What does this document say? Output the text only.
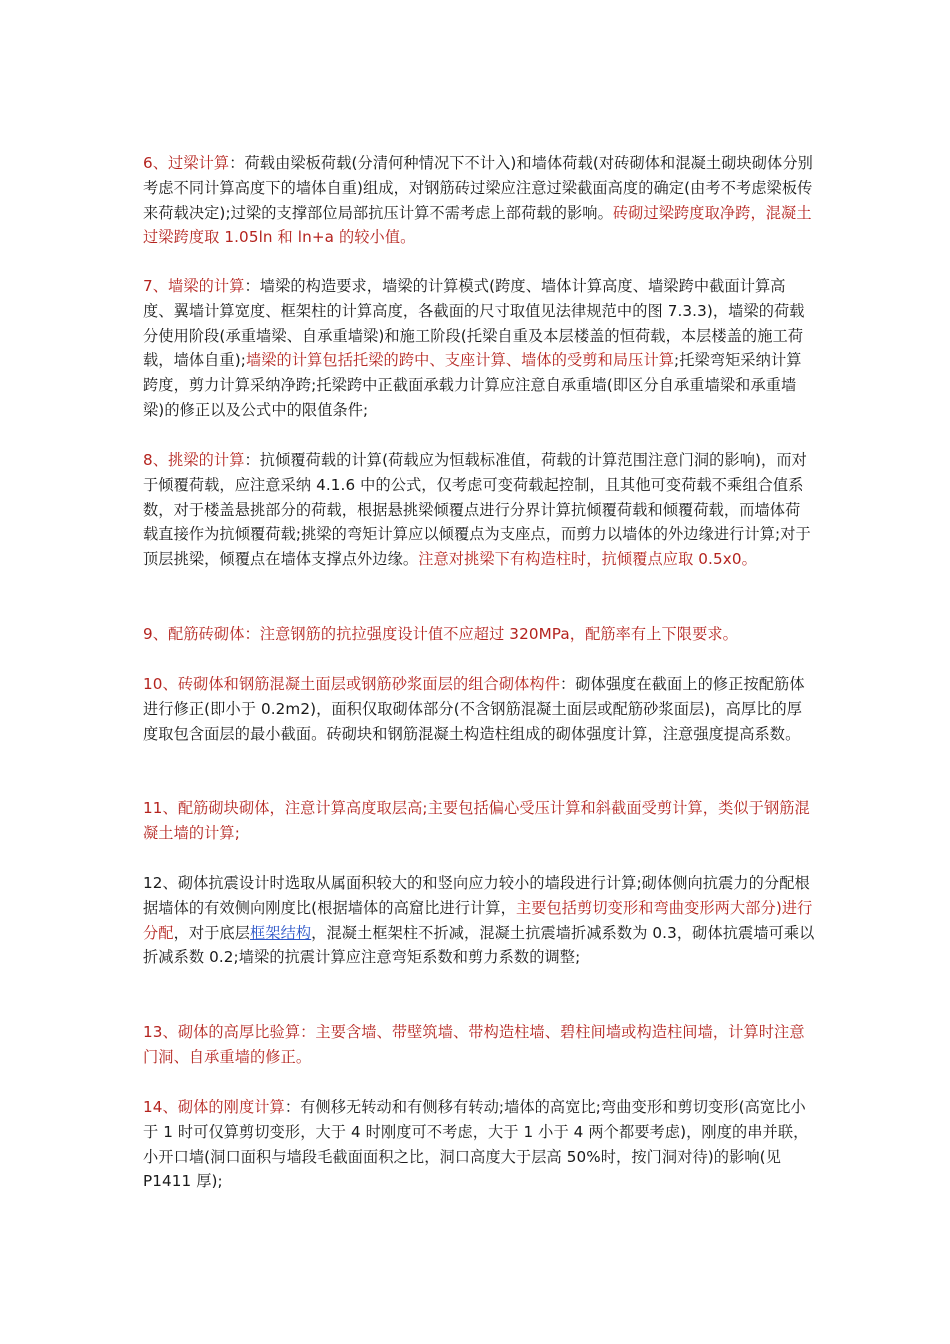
6、过梁计算：荷载由梁板荷载(分清何种情况下不计入)和墙体荷载(对砖砌体和混凝土砌块砌体分别考虑不同计算高度下的墙体自重)组成，对钢筋砖过梁应注意过梁截面高度的确定(由考不考虑梁板传来荷载决定);过梁的支撑部位局部抗压计算不需考虑上部荷载的影响。砖砌过梁跨度取净跨，混凝土过梁跨度取 1.05ln 和 ln+a 的较小值。

7、墙梁的计算：墙梁的构造要求，墙梁的计算模式(跨度、墙体计算高度、墙梁跨中截面计算高度、翼墙计算宽度、框架柱的计算高度，各截面的尺寸取值见法律规范中的图 7.3.3)，墙梁的荷载分使用阶段(承重墙梁、自承重墙梁)和施工阶段(托梁自重及本层楼盖的恒荷载，本层楼盖的施工荷载，墙体自重);墙梁的计算包括托梁的跨中、支座计算、墙体的受剪和局压计算;托梁弯矩采纳计算跨度，剪力计算采纳净跨;托梁跨中正截面承载力计算应注意自承重墙(即区分自承重墙梁和承重墙梁)的修正以及公式中的限值条件;

8、挑梁的计算：抗倾覆荷载的计算(荷载应为恒载标准值，荷载的计算范围注意门洞的影响)，而对于倾覆荷载，应注意采纳 4.1.6 中的公式，仅考虑可变荷载起控制，且其他可变荷载不乘组合值系数，对于楼盖悬挑部分的荷载，根据悬挑梁倾覆点进行分界计算抗倾覆荷载和倾覆荷载，而墙体荷载直接作为抗倾覆荷载;挑梁的弯矩计算应以倾覆点为支座点，而剪力以墙体的外边缘进行计算;对于顶层挑梁，倾覆点在墙体支撑点外边缘。注意对挑梁下有构造柱时，抗倾覆点应取 0.5x0。

9、配筋砖砌体：注意钢筋的抗拉强度设计值不应超过 320MPa，配筋率有上下限要求。

10、砖砌体和钢筋混凝土面层或钢筋砂浆面层的组合砌体构件：砌体强度在截面上的修正按配筋体进行修正(即小于 0.2m2)，面积仅取砌体部分(不含钢筋混凝土面层或配筋砂浆面层)，高厚比的厚度取包含面层的最小截面。砖砌块和钢筋混凝土构造柱组成的砌体强度计算，注意强度提高系数。

11、配筋砌块砌体，注意计算高度取层高;主要包括偏心受压计算和斜截面受剪计算，类似于钢筋混凝土墙的计算;

12、砌体抗震设计时选取从属面积较大的和竖向应力较小的墙段进行计算;砌体侧向抗震力的分配根据墙体的有效侧向刚度比(根据墙体的高窟比进行计算，主要包括剪切变形和弯曲变形两大部分)进行分配，对于底层框架结构，混凝土框架柱不折减，混凝土抗震墙折减系数为 0.3，砌体抗震墙可乘以折减系数 0.2;墙梁的抗震计算应注意弯矩系数和剪力系数的调整;

13、砌体的高厚比验算：主要含墙、带壁筑墙、带构造柱墙、碧柱间墙或构造柱间墙，计算时注意门洞、自承重墙的修正。

14、砌体的刚度计算：有侧移无转动和有侧移有转动;墙体的高宽比;弯曲变形和剪切变形(高宽比小于 1 时可仅算剪切变形，大于 4 时刚度可不考虑，大于 1 小于 4 两个都要考虑)，刚度的串并联，小开口墙(洞口面积与墙段毛截面面积之比，洞口高度大于层高 50%时，按门洞对待)的影响(见 P1411 厚);
